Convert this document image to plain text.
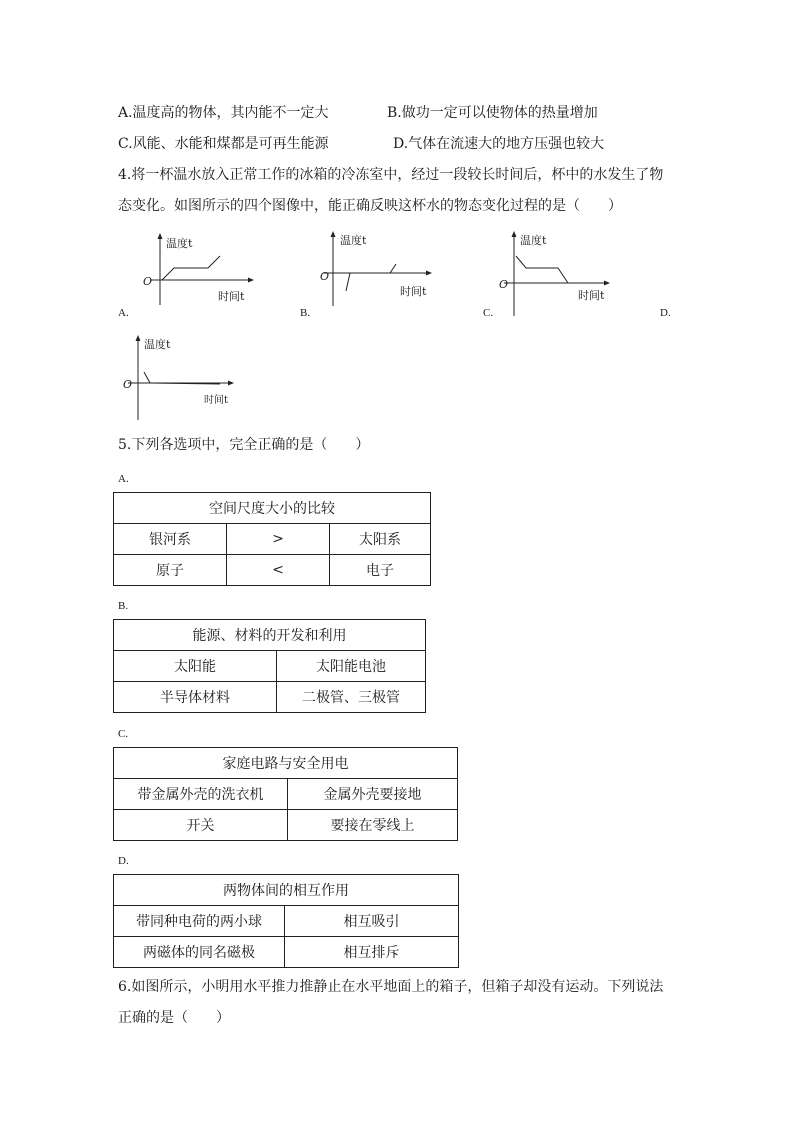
A.温度高的物体，其内能不一定大	B.做功一定可以使物体的热量增加
C.风能、水能和煤都是可再生能源	D.气体在流速大的地方压强也较大
4.将一杯温水放入正常工作的冰箱的冷冻室中，经过一段较长时间后，杯中的水发生了物
态变化。如图所示的四个图像中，能正确反映这杯水的物态变化过程的是（　　）
温度t
时间t
O
A.
温度t
时间t
O
B.
温度t
时间t
O
C.	D.
温度t
时间t
O
5.下列各选项中，完全正确的是（　　）
A.
空间尺度大小的比较		
银河系	>	太阳系
原子	<	电子
B.
能源、材料的开发和利用	
太阳能	太阳能电池
半导体材料	二极管、三极管
C.
家庭电路与安全用电	
带金属外壳的洗衣机	金属外壳要接地
开关	要接在零线上
D.
两物体间的相互作用	
带同种电荷的两小球	相互吸引
两磁体的同名磁极	相互排斥
6.如图所示，小明用水平推力推静止在水平地面上的箱子，但箱子却没有运动。下列说法
正确的是（　　）
